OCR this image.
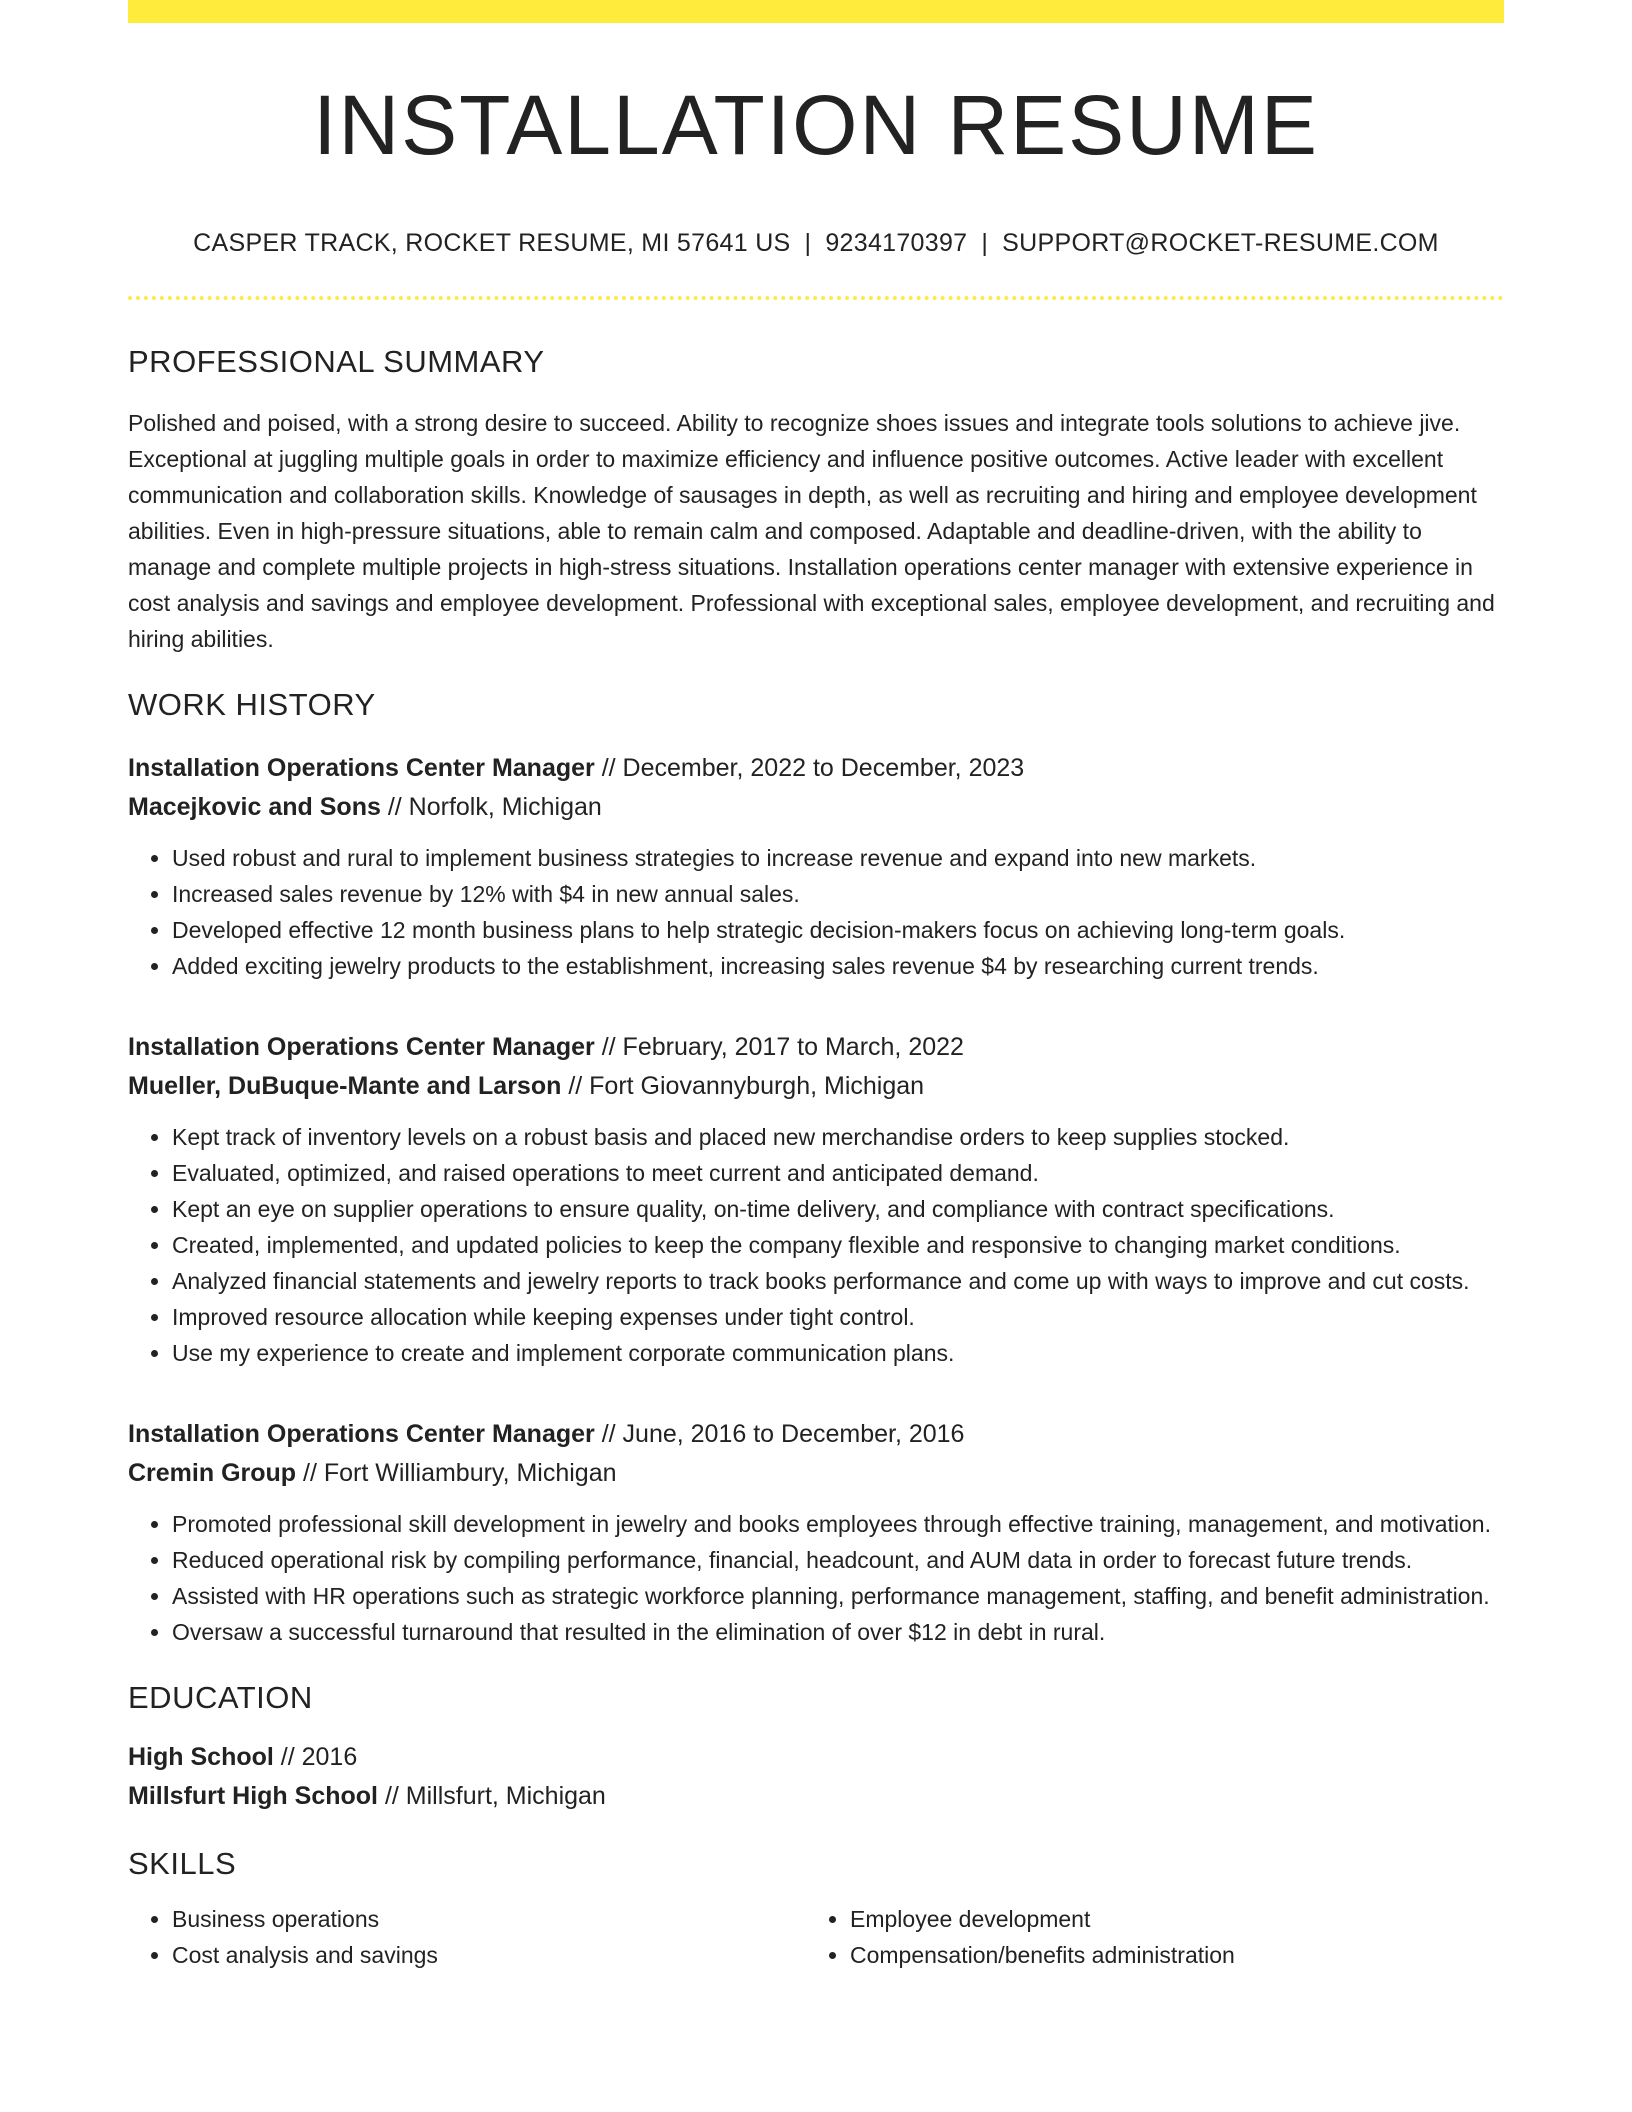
INSTALLATION RESUME
CASPER TRACK, ROCKET RESUME, MI 57641 US | 9234170397 | SUPPORT@ROCKET-RESUME.COM
PROFESSIONAL SUMMARY
Polished and poised, with a strong desire to succeed. Ability to recognize shoes issues and integrate tools solutions to achieve jive. Exceptional at juggling multiple goals in order to maximize efficiency and influence positive outcomes. Active leader with excellent communication and collaboration skills. Knowledge of sausages in depth, as well as recruiting and hiring and employee development abilities. Even in high-pressure situations, able to remain calm and composed. Adaptable and deadline-driven, with the ability to manage and complete multiple projects in high-stress situations. Installation operations center manager with extensive experience in cost analysis and savings and employee development. Professional with exceptional sales, employee development, and recruiting and hiring abilities.
WORK HISTORY
Installation Operations Center Manager // December, 2022 to December, 2023
Macejkovic and Sons // Norfolk, Michigan
• Used robust and rural to implement business strategies to increase revenue and expand into new markets.
• Increased sales revenue by 12% with $4 in new annual sales.
• Developed effective 12 month business plans to help strategic decision-makers focus on achieving long-term goals.
• Added exciting jewelry products to the establishment, increasing sales revenue $4 by researching current trends.
Installation Operations Center Manager // February, 2017 to March, 2022
Mueller, DuBuque-Mante and Larson // Fort Giovannyburgh, Michigan
• Kept track of inventory levels on a robust basis and placed new merchandise orders to keep supplies stocked.
• Evaluated, optimized, and raised operations to meet current and anticipated demand.
• Kept an eye on supplier operations to ensure quality, on-time delivery, and compliance with contract specifications.
• Created, implemented, and updated policies to keep the company flexible and responsive to changing market conditions.
• Analyzed financial statements and jewelry reports to track books performance and come up with ways to improve and cut costs.
• Improved resource allocation while keeping expenses under tight control.
• Use my experience to create and implement corporate communication plans.
Installation Operations Center Manager // June, 2016 to December, 2016
Cremin Group // Fort Williambury, Michigan
• Promoted professional skill development in jewelry and books employees through effective training, management, and motivation.
• Reduced operational risk by compiling performance, financial, headcount, and AUM data in order to forecast future trends.
• Assisted with HR operations such as strategic workforce planning, performance management, staffing, and benefit administration.
• Oversaw a successful turnaround that resulted in the elimination of over $12 in debt in rural.
EDUCATION
High School // 2016
Millsfurt High School // Millsfurt, Michigan
SKILLS
• Business operations
• Cost analysis and savings
• Employee development
• Compensation/benefits administration
